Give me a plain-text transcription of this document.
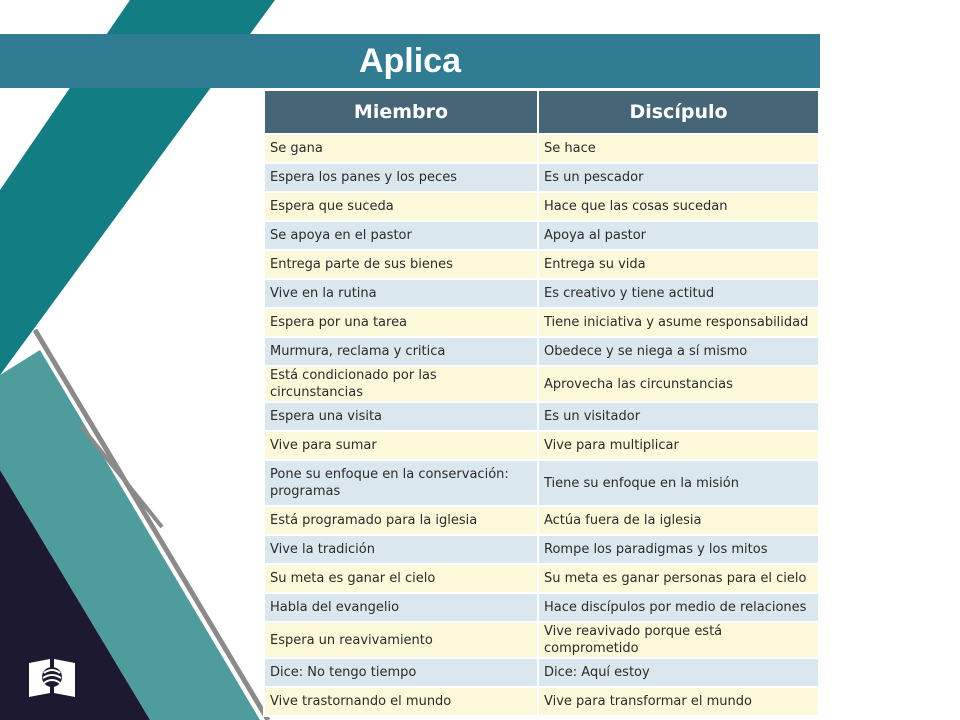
Aplica
Miembro	Discípulo
Se gana	Se hace
Espera los panes y los peces	Es un pescador
Espera que suceda	Hace que las cosas sucedan
Se apoya en el pastor	Apoya al pastor
Entrega parte de sus bienes	Entrega su vida
Vive en la rutina	Es creativo y tiene actitud
Espera por una tarea	Tiene iniciativa y asume responsabilidad
Murmura, reclama y critica	Obedece y se niega a sí mismo
Está condicionado por las circunstancias	Aprovecha las circunstancias
Espera una visita	Es un visitador
Vive para sumar	Vive para multiplicar
Pone su enfoque en la conservación: programas	Tiene su enfoque en la misión
Está programado para la iglesia	Actúa fuera de la iglesia
Vive la tradición	Rompe los paradigmas y los mitos
Su meta es ganar el cielo	Su meta es ganar personas para el cielo
Habla del evangelio	Hace discípulos por medio de relaciones
Espera un reavivamiento	Vive reavivado porque está comprometido
Dice: No tengo tiempo	Dice: Aquí estoy
Vive trastornando el mundo	Vive para transformar el mundo
